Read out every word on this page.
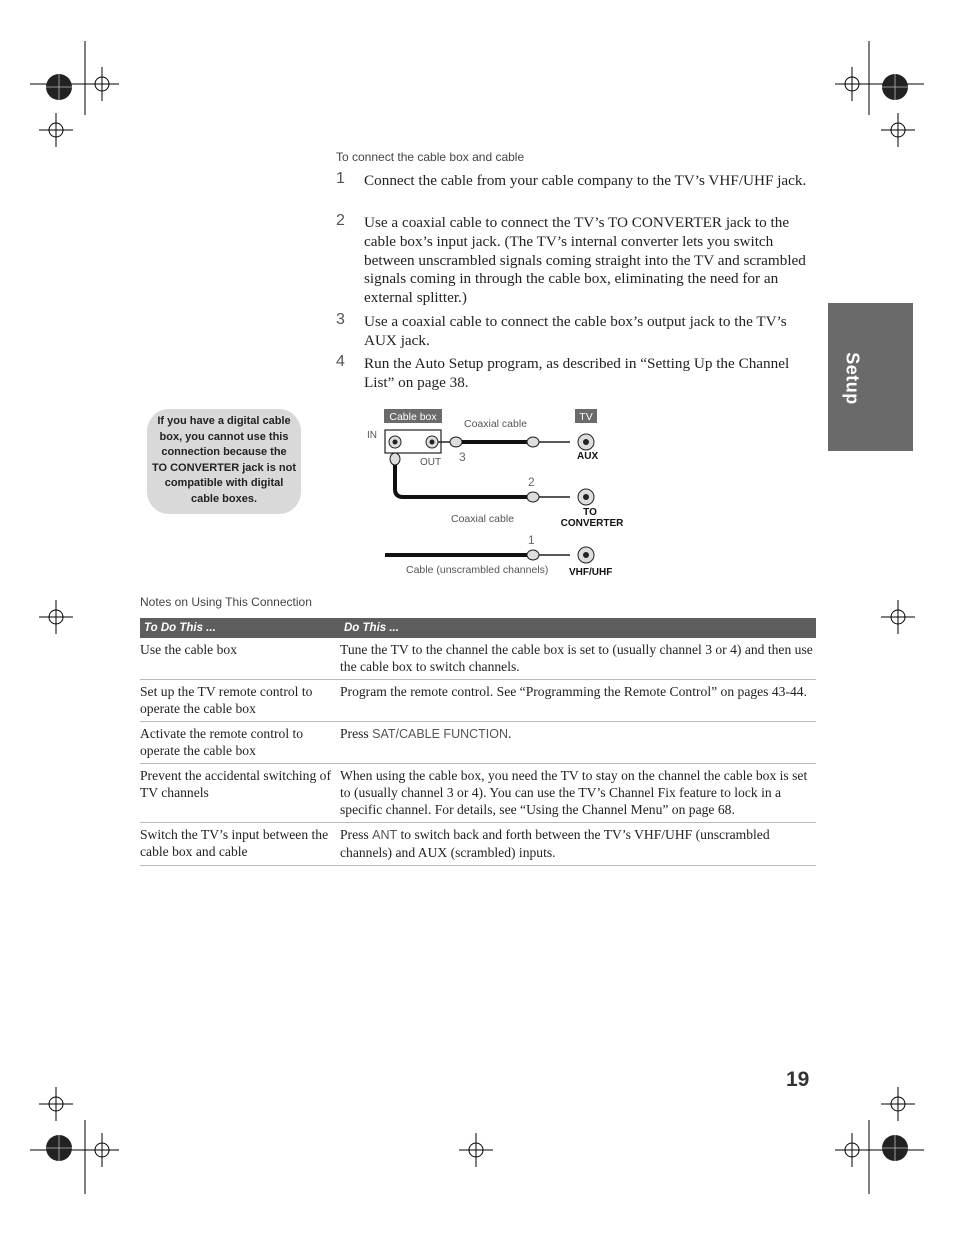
To connect the cable box and cable
1 Connect the cable from your cable company to the TV’s VHF/UHF jack.
2 Use a coaxial cable to connect the TV’s TO CONVERTER jack to the cable box’s input jack. (The TV’s internal converter lets you switch between unscrambled signals coming straight into the TV and scrambled signals coming in through the cable box, eliminating the need for an external splitter.)
3 Use a coaxial cable to connect the cable box’s output jack to the TV’s AUX jack.
4 Run the Auto Setup program, as described in “Setting Up the Channel List” on page 38.	Setup
If you have a digital cable
box, you cannot use this
connection because the
TO CONVERTER jack is not
compatible with digital
cable boxes.
Cable box	TV
IN
OUT
Coaxial cable
3	AUX
2
Coaxial cable
TO
CONVERTER
1
Cable (unscrambled channels) VHF/UHF
Notes on Using This Connection
To Do This ...	Do This ...
Use the cable box	Tune the TV to the channel the cable box is set to (usually channel 3 or 4) and then use the cable box to switch channels.
Set up the TV remote control to operate the cable box	Program the remote control. See “Programming the Remote Control” on pages 43-44.
Activate the remote control to operate the cable box	Press SAT/CABLE FUNCTION.
Prevent the accidental switching of TV channels	When using the cable box, you need the TV to stay on the channel the cable box is set to (usually channel 3 or 4). You can use the TV’s Channel Fix feature to lock in a specific channel. For details, see “Using the Channel Menu” on page 68.
Switch the TV’s input between the cable box and cable	Press ANT to switch back and forth between the TV’s VHF/UHF (unscrambled channels) and AUX (scrambled) inputs.
19
